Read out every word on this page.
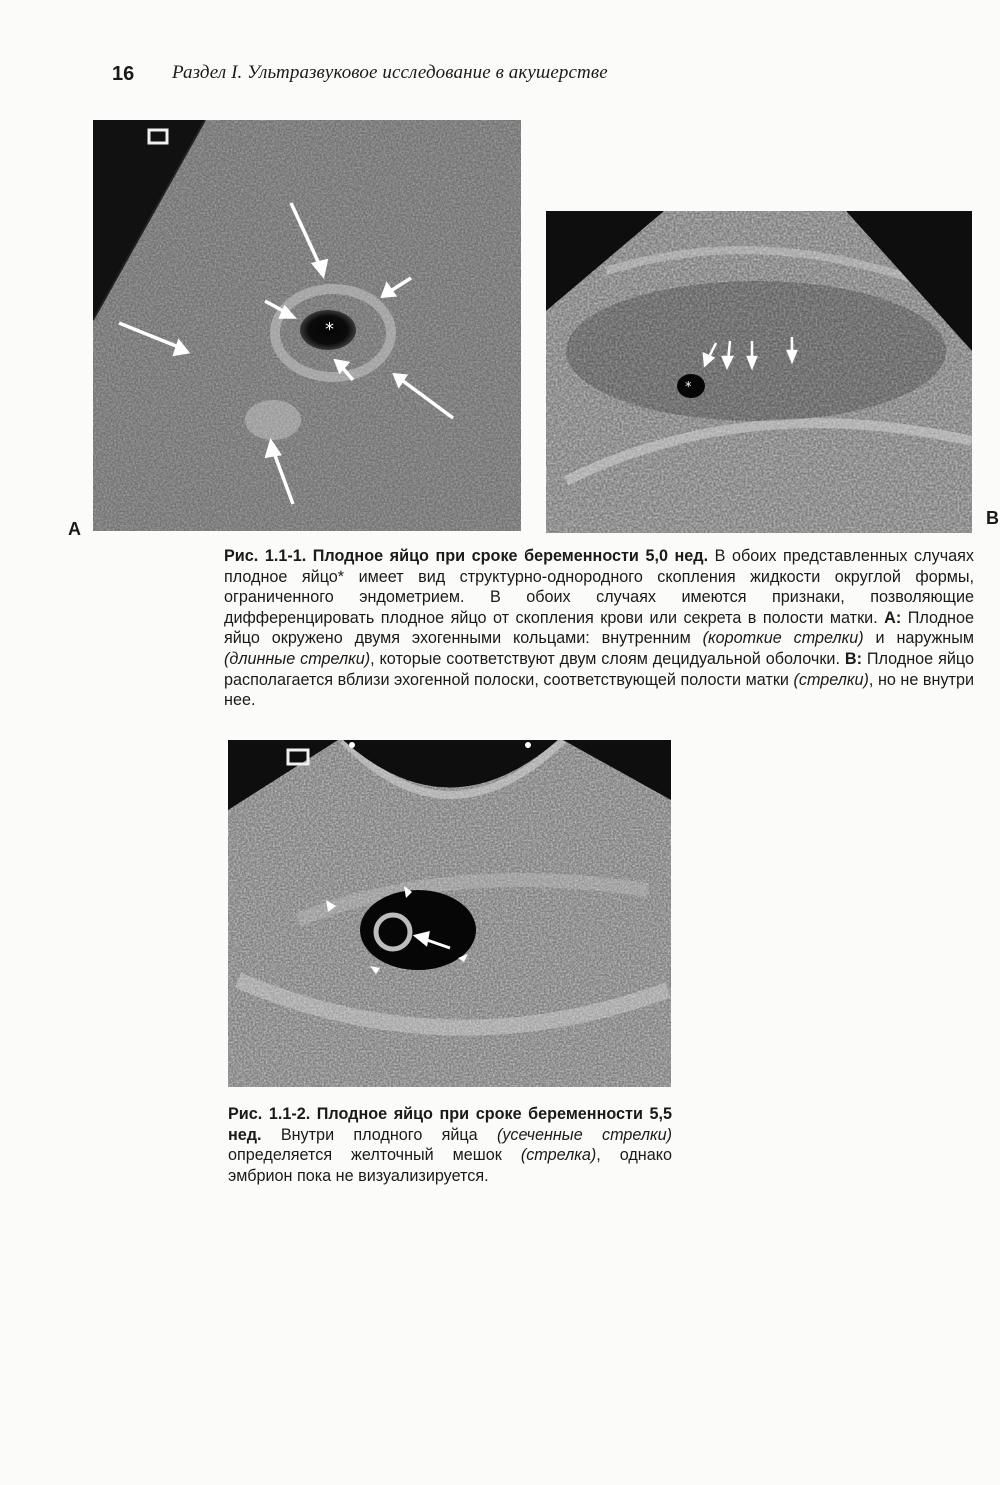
16 Раздел I. Ультразвуковое исследование в акушерстве
*
А
*
В
Рис. 1.1-1. Плодное яйцо при сроке беременности 5,0 нед. В обоих представленных случаях плодное яйцо* имеет вид структурно-однородного скопления жидкости округлой формы, ограниченного эндометрием. В обоих случаях имеются признаки, позволяющие дифференцировать плодное яйцо от скопления крови или секрета в полости матки. А: Плодное яйцо окружено двумя эхогенными кольцами: внутренним (короткие стрелки) и наружным (длинные стрелки), которые соответствуют двум слоям децидуальной оболочки. В: Плодное яйцо располагается вблизи эхогенной полоски, соответствующей полости матки (стрелки), но не внутри нее.
Рис. 1.1-2. Плодное яйцо при сроке беременности 5,5 нед. Внутри плодного яйца (усеченные стрелки) определяется желточный мешок (стрелка), однако эмбрион пока не визуализируется.
